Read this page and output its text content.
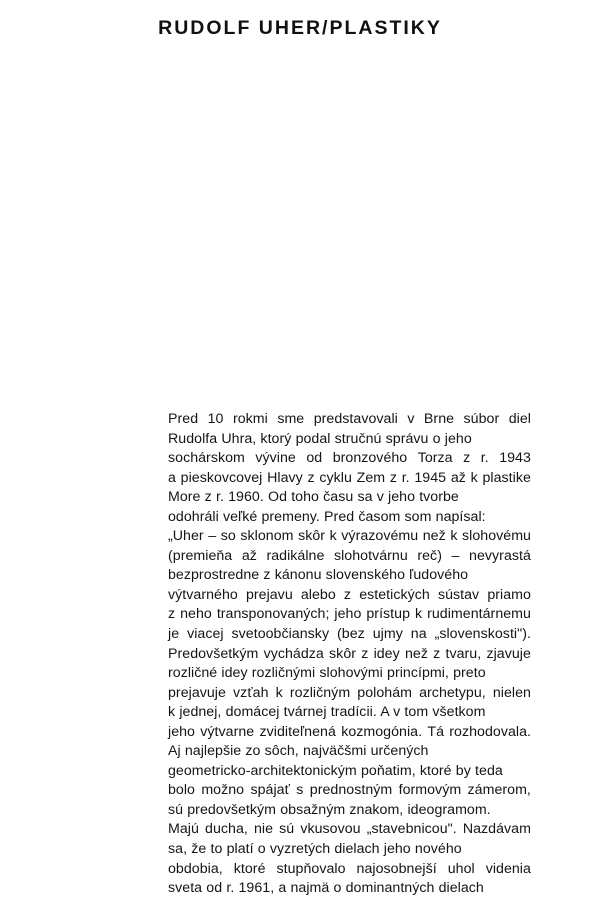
RUDOLF UHER/PLASTIKY

Pred 10 rokmi sme predstavovali v Brne súbor diel
Rudolfa Uhra, ktorý podal stručnú správu o jeho
sochárskom vývine od bronzového Torza z r. 1943
a pieskovcovej Hlavy z cyklu Zem z r. 1945 až k plastike
More z r. 1960. Od toho času sa v jeho tvorbe
odohráli veľké premeny. Pred časom som napísal:
„Uher – so sklonom skôr k výrazovému než k slohovému
(premieňa až radikálne slohotvárnu reč) – nevyrastá
bezprostredne z kánonu slovenského ľudového
výtvarného prejavu alebo z estetických sústav priamo
z neho transponovaných; jeho prístup k rudimentárnemu
je viacej svetoobčiansky (bez ujmy na „slovenskosti").
Predovšetkým vychádza skôr z idey než z tvaru, zjavuje
rozličné idey rozličnými slohovými princípmi, preto
prejavuje vzťah k rozličným polohám archetypu, nielen
k jednej, domácej tvárnej tradícii. A v tom všetkom
jeho výtvarne zviditeľnená kozmogónia. Tá rozhodovala.
Aj najlepšie zo sôch, najväčšmi určených
geometricko-architektonickým poňatim, ktoré by teda
bolo možno spájať s prednostným formovým zámerom,
sú predovšetkým obsažným znakom, ideogramom.
Majú ducha, nie sú vkusovou „stavebnicou". Nazdávam
sa, že to platí o vyzretých dielach jeho nového
obdobia, ktoré stupňovalo najosobnejší uhol videnia
sveta od r. 1961, a najmä o dominantných dielach
